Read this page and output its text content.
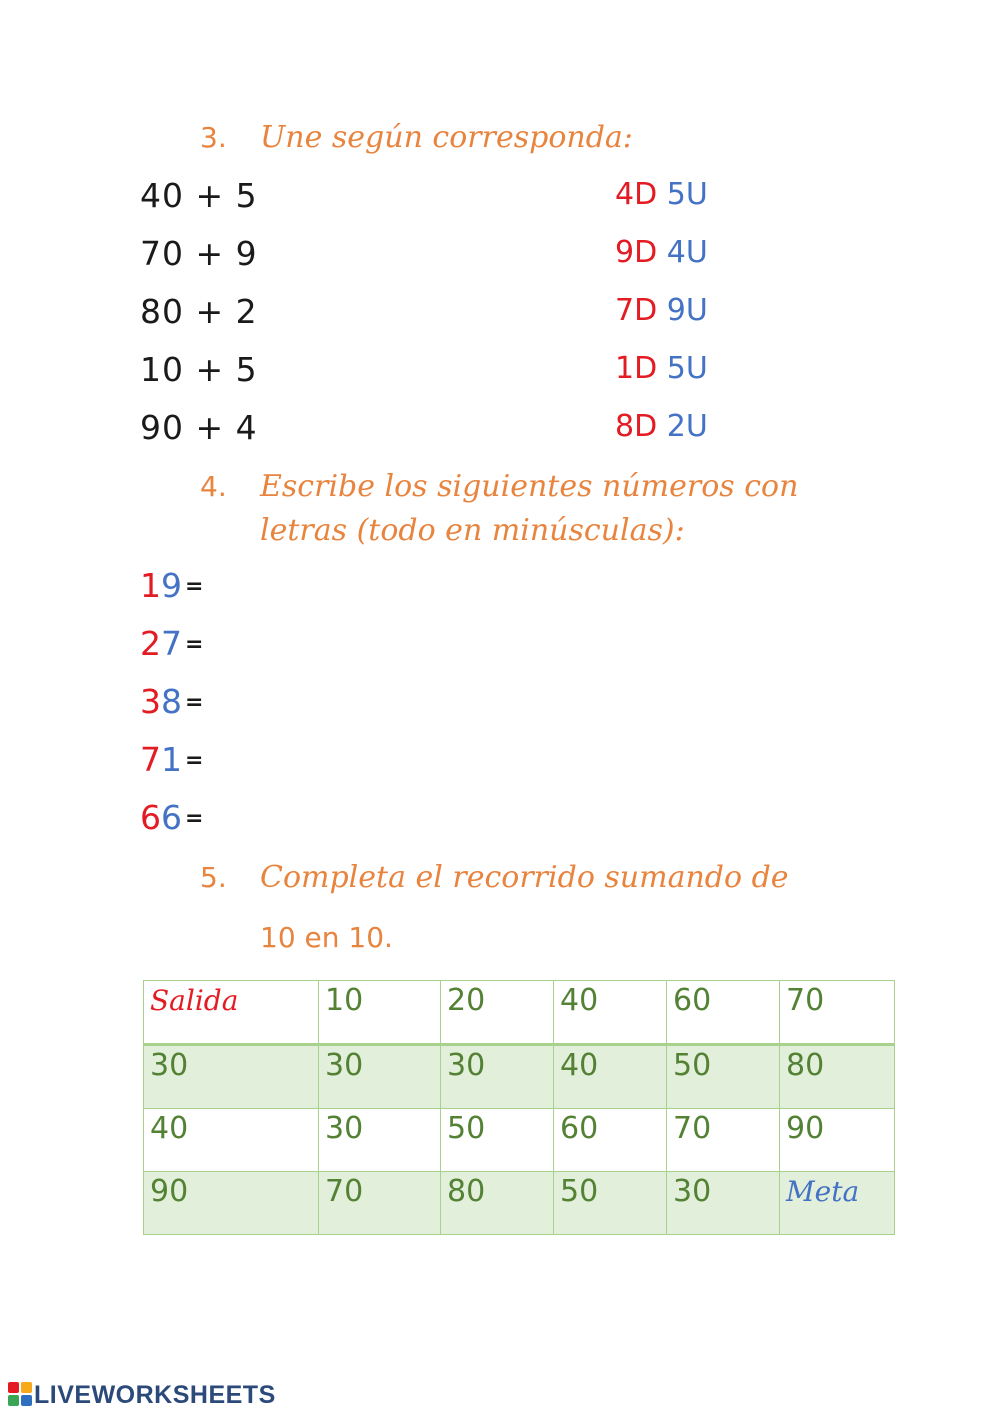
3. Une según corresponda:
40 + 5
70 + 9
80 + 2
10 + 5
90 + 4
4D 5U
9D 4U
7D 9U
1D 5U
8D 2U
4. Escribe los siguientes números con
letras (todo en minúsculas):
19 =
27 =
38 =
71 =
66 =
5. Completa el recorrido sumando de
10 en 10.
Salida	10	20	40	60	70
30	30	30	40	50	80
40	30	50	60	70	90
90	70	80	50	30	Meta
LIVEWORKSHEETS
